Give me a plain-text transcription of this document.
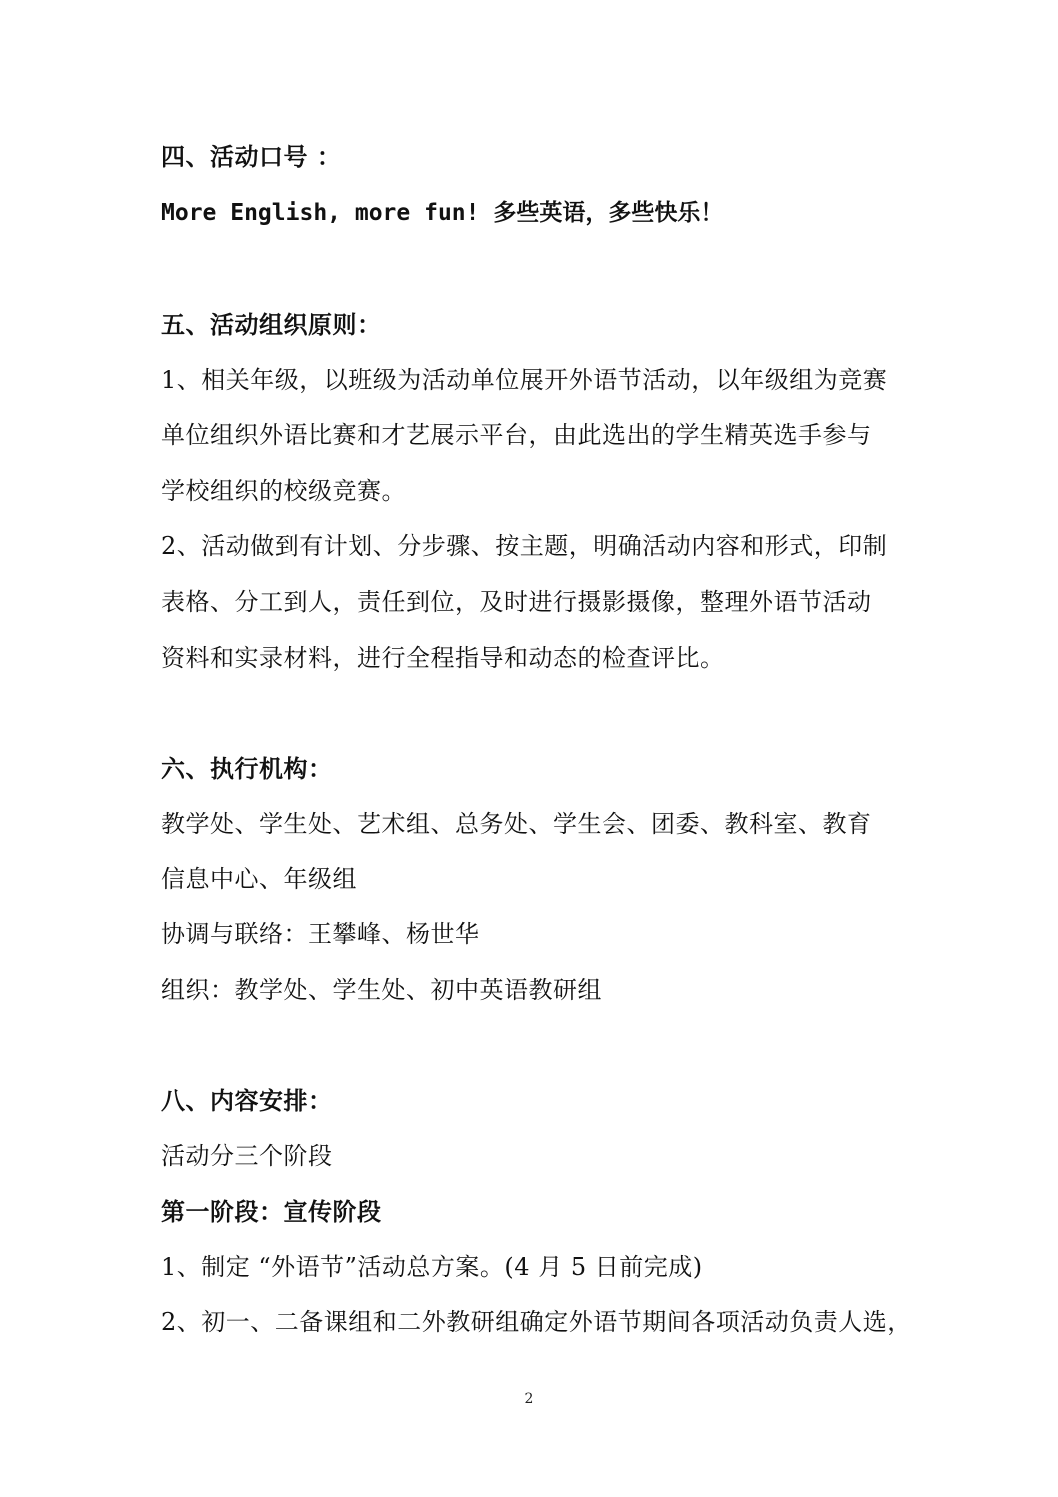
四、活动口号 ：
More English, more fun! 多些英语，多些快乐！
五、活动组织原则：
1、相关年级，以班级为活动单位展开外语节活动，以年级组为竞赛
单位组织外语比赛和才艺展示平台，由此选出的学生精英选手参与
学校组织的校级竞赛。
2、活动做到有计划、分步骤、按主题，明确活动内容和形式，印制
表格、分工到人，责任到位，及时进行摄影摄像，整理外语节活动
资料和实录材料，进行全程指导和动态的检查评比。
六、执行机构：
教学处、学生处、艺术组、总务处、学生会、团委、教科室、教育
信息中心、年级组
协调与联络：王攀峰、杨世华
组织：教学处、学生处、初中英语教研组
八、内容安排：
活动分三个阶段
第一阶段：宣传阶段
1、制定 “外语节”活动总方案。(4 月 5 日前完成)
2、初一、二备课组和二外教研组确定外语节期间各项活动负责人选，
2
